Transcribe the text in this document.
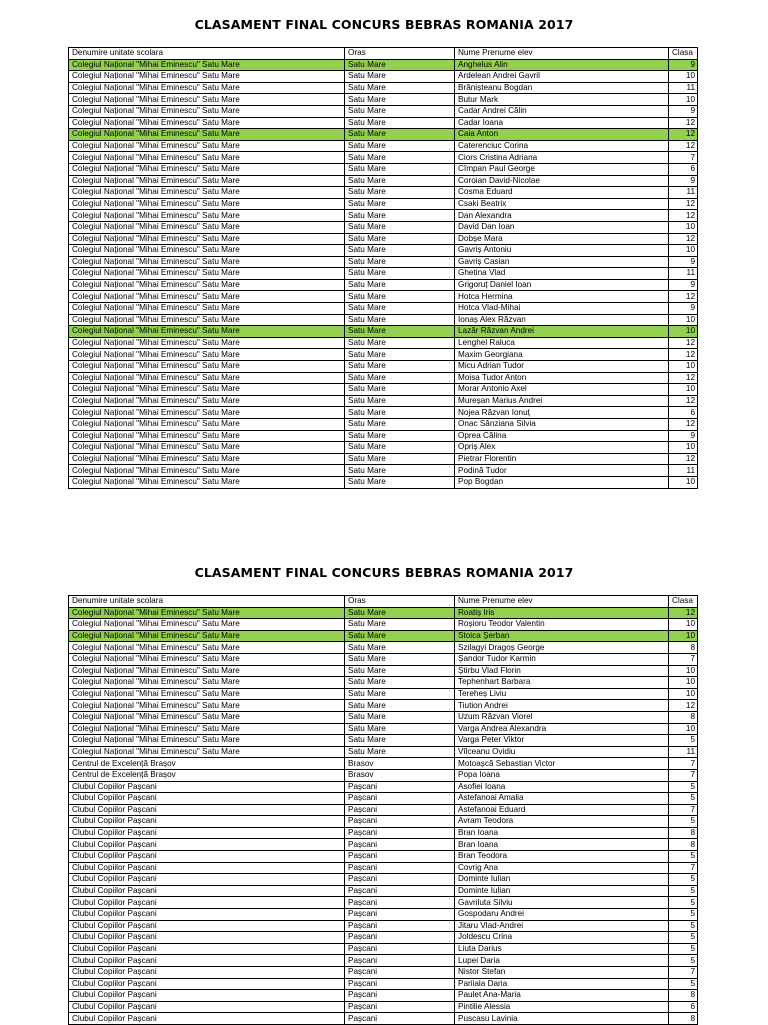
CLASAMENT FINAL CONCURS BEBRAS ROMANIA 2017
Denumire unitate scolara	Oras	Nume Prenume elev	Clasa
Colegiul Național "Mihai Eminescu" Satu Mare	Satu Mare	Anghelus Alin	9
Colegiul Național "Mihai Eminescu" Satu Mare	Satu Mare	Ardelean Andrei Gavril	10
Colegiul Național "Mihai Eminescu" Satu Mare	Satu Mare	Brănișteanu Bogdan	11
Colegiul Național "Mihai Eminescu" Satu Mare	Satu Mare	Butur Mark	10
Colegiul Național "Mihai Eminescu" Satu Mare	Satu Mare	Cadar Andrei Călin	9
Colegiul Național "Mihai Eminescu" Satu Mare	Satu Mare	Cadar Ioana	12
Colegiul Național "Mihai Eminescu" Satu Mare	Satu Mare	Caia Anton	12
Colegiul Național "Mihai Eminescu" Satu Mare	Satu Mare	Caterenciuc Corina	12
Colegiul Național "Mihai Eminescu" Satu Mare	Satu Mare	Ciors Cristina Adriana	7
Colegiul Național "Mihai Eminescu" Satu Mare	Satu Mare	Cîmpan Paul George	6
Colegiul Național "Mihai Eminescu" Satu Mare	Satu Mare	Coroian David-Nicolae	9
Colegiul Național "Mihai Eminescu" Satu Mare	Satu Mare	Cosma Eduard	11
Colegiul Național "Mihai Eminescu" Satu Mare	Satu Mare	Csaki Beatrix	12
Colegiul Național "Mihai Eminescu" Satu Mare	Satu Mare	Dan Alexandra	12
Colegiul Național "Mihai Eminescu" Satu Mare	Satu Mare	David Dan Ioan	10
Colegiul Național "Mihai Eminescu" Satu Mare	Satu Mare	Dobșe Mara	12
Colegiul Național "Mihai Eminescu" Satu Mare	Satu Mare	Gavriș Antoniu	10
Colegiul Național "Mihai Eminescu" Satu Mare	Satu Mare	Gavriș Casian	9
Colegiul Național "Mihai Eminescu" Satu Mare	Satu Mare	Ghetina Vlad	11
Colegiul Național "Mihai Eminescu" Satu Mare	Satu Mare	Grigoruț Daniel Ioan	9
Colegiul Național "Mihai Eminescu" Satu Mare	Satu Mare	Hotca Hermina	12
Colegiul Național "Mihai Eminescu" Satu Mare	Satu Mare	Hotca Vlad-Mihai	9
Colegiul Național "Mihai Eminescu" Satu Mare	Satu Mare	Ionaș Alex Răzvan	10
Colegiul Național "Mihai Eminescu" Satu Mare	Satu Mare	Lazăr Răzvan Andrei	10
Colegiul Național "Mihai Eminescu" Satu Mare	Satu Mare	Lenghel Raluca	12
Colegiul Național "Mihai Eminescu" Satu Mare	Satu Mare	Maxim Georgiana	12
Colegiul Național "Mihai Eminescu" Satu Mare	Satu Mare	Micu Adrian Tudor	10
Colegiul Național "Mihai Eminescu" Satu Mare	Satu Mare	Moisa Tudor Anton	12
Colegiul Național "Mihai Eminescu" Satu Mare	Satu Mare	Morar Antonio Axel	10
Colegiul Național "Mihai Eminescu" Satu Mare	Satu Mare	Mureșan Marius Andrei	12
Colegiul Național "Mihai Eminescu" Satu Mare	Satu Mare	Nojea Răzvan Ionuț	6
Colegiul Național "Mihai Eminescu" Satu Mare	Satu Mare	Onac Sânziana Silvia	12
Colegiul Național "Mihai Eminescu" Satu Mare	Satu Mare	Oprea Călina	9
Colegiul Național "Mihai Eminescu" Satu Mare	Satu Mare	Opriș Alex	10
Colegiul Național "Mihai Eminescu" Satu Mare	Satu Mare	Pietrar Florentin	12
Colegiul Național "Mihai Eminescu" Satu Mare	Satu Mare	Podină Tudor	11
Colegiul Național "Mihai Eminescu" Satu Mare	Satu Mare	Pop Bogdan	10
CLASAMENT FINAL CONCURS BEBRAS ROMANIA 2017
Denumire unitate scolara	Oras	Nume Prenume elev	Clasa
Colegiul Național "Mihai Eminescu" Satu Mare	Satu Mare	Roatiș Iris	12
Colegiul Național "Mihai Eminescu" Satu Mare	Satu Mare	Roșioru Teodor Valentin	10
Colegiul Național "Mihai Eminescu" Satu Mare	Satu Mare	Stoica Șerban	10
Colegiul Național "Mihai Eminescu" Satu Mare	Satu Mare	Szilagyi Dragoș George	8
Colegiul Național "Mihai Eminescu" Satu Mare	Satu Mare	Șandor Tudor Karmin	7
Colegiul Național "Mihai Eminescu" Satu Mare	Satu Mare	Știrbu Vlad Florin	10
Colegiul Național "Mihai Eminescu" Satu Mare	Satu Mare	Tephenhart Barbara	10
Colegiul Național "Mihai Eminescu" Satu Mare	Satu Mare	Tereheș Liviu	10
Colegiul Național "Mihai Eminescu" Satu Mare	Satu Mare	Tiution Andrei	12
Colegiul Național "Mihai Eminescu" Satu Mare	Satu Mare	Uzum Răzvan Viorel	8
Colegiul Național "Mihai Eminescu" Satu Mare	Satu Mare	Varga Andrea Alexandra	10
Colegiul Național "Mihai Eminescu" Satu Mare	Satu Mare	Varga Peter Viktor	5
Colegiul Național "Mihai Eminescu" Satu Mare	Satu Mare	Vîlceanu Ovidiu	11
Centrul de Excelență Brașov	Brasov	Motoașcă Sebastian Victor	7
Centrul de Excelență Brașov	Brasov	Popa Ioana	7
Clubul Copiilor Pașcani	Pașcani	Asofiei Ioana	5
Clubul Copiilor Pașcani	Pașcani	Astefanoai Amalia	5
Clubul Copiilor Pașcani	Pașcani	Astefanoai Eduard	7
Clubul Copiilor Pașcani	Pașcani	Avram Teodora	5
Clubul Copiilor Pașcani	Pașcani	Bran Ioana	8
Clubul Copiilor Pașcani	Pașcani	Bran Ioana	8
Clubul Copiilor Pașcani	Pașcani	Bran Teodora	5
Clubul Copiilor Pașcani	Pașcani	Covrig Ana	7
Clubul Copiilor Pașcani	Pașcani	Dominte Iulian	5
Clubul Copiilor Pașcani	Pașcani	Dominte Iulian	5
Clubul Copiilor Pașcani	Pașcani	Gavriluta Silviu	5
Clubul Copiilor Pașcani	Pașcani	Gospodaru Andrei	5
Clubul Copiilor Pașcani	Pașcani	Jitaru Vlad-Andrei	5
Clubul Copiilor Pașcani	Pașcani	Joldescu Crina	5
Clubul Copiilor Pașcani	Pașcani	Liuta Darius	5
Clubul Copiilor Pașcani	Pașcani	Lupei Daria	5
Clubul Copiilor Pașcani	Pașcani	Nistor Stefan	7
Clubul Copiilor Pașcani	Pașcani	Pariiala Daria	5
Clubul Copiilor Pașcani	Pașcani	Paulet Ana-Maria	8
Clubul Copiilor Pașcani	Pașcani	Pintilie Alessia	6
Clubul Copiilor Pașcani	Pașcani	Puscasu Lavinia	8
